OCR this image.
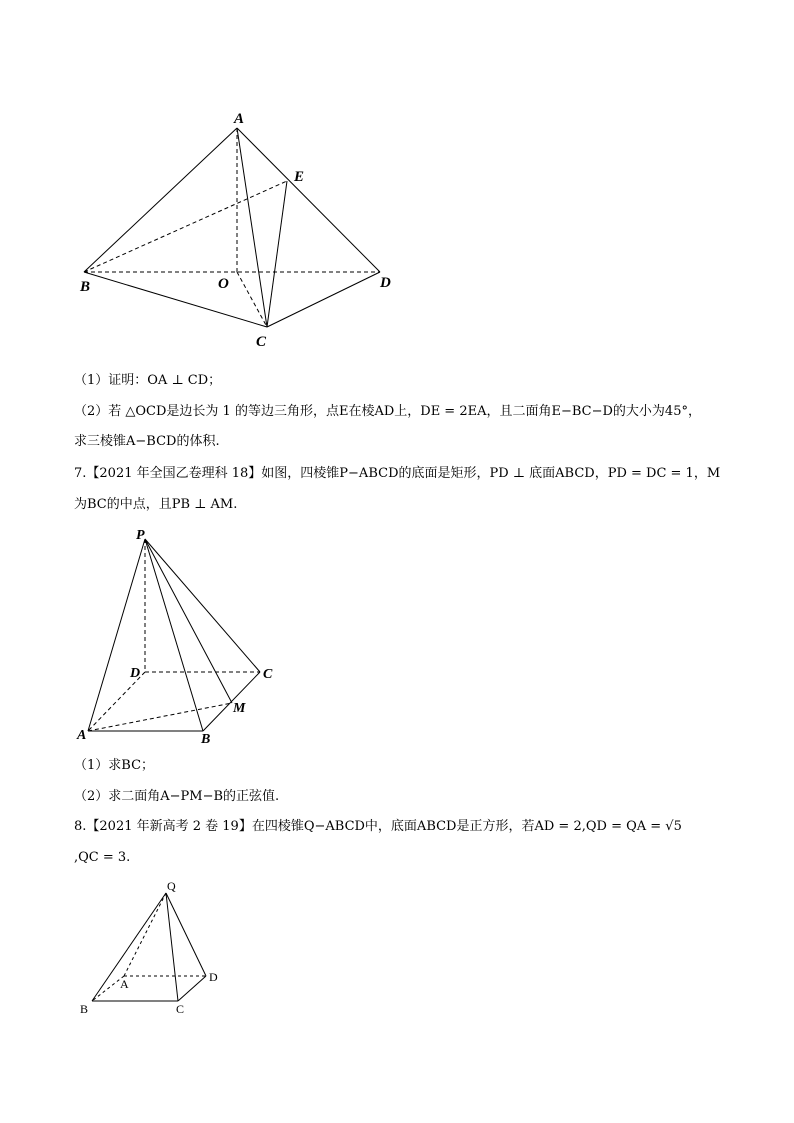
A
E
B	O	D
C
（1）证明：OA ⊥ CD；
（2）若 △OCD是边长为 1 的等边三角形，点E在棱AD上，DE = 2EA，且二面角E−BC−D的大小为45°，
求三棱锥A−BCD的体积.
7.【2021 年全国乙卷理科 18】如图，四棱锥P−ABCD的底面是矩形，PD ⊥ 底面ABCD，PD = DC = 1，M
为BC的中点，且PB ⊥ AM.
P
D	C
M
A	B
（1）求BC；
（2）求二面角A−PM−B的正弦值.
8.【2021 年新高考 2 卷 19】在四棱锥Q−ABCD中，底面ABCD是正方形，若AD = 2,QD = QA = √5
,QC = 3.
Q
A	D
B	C
